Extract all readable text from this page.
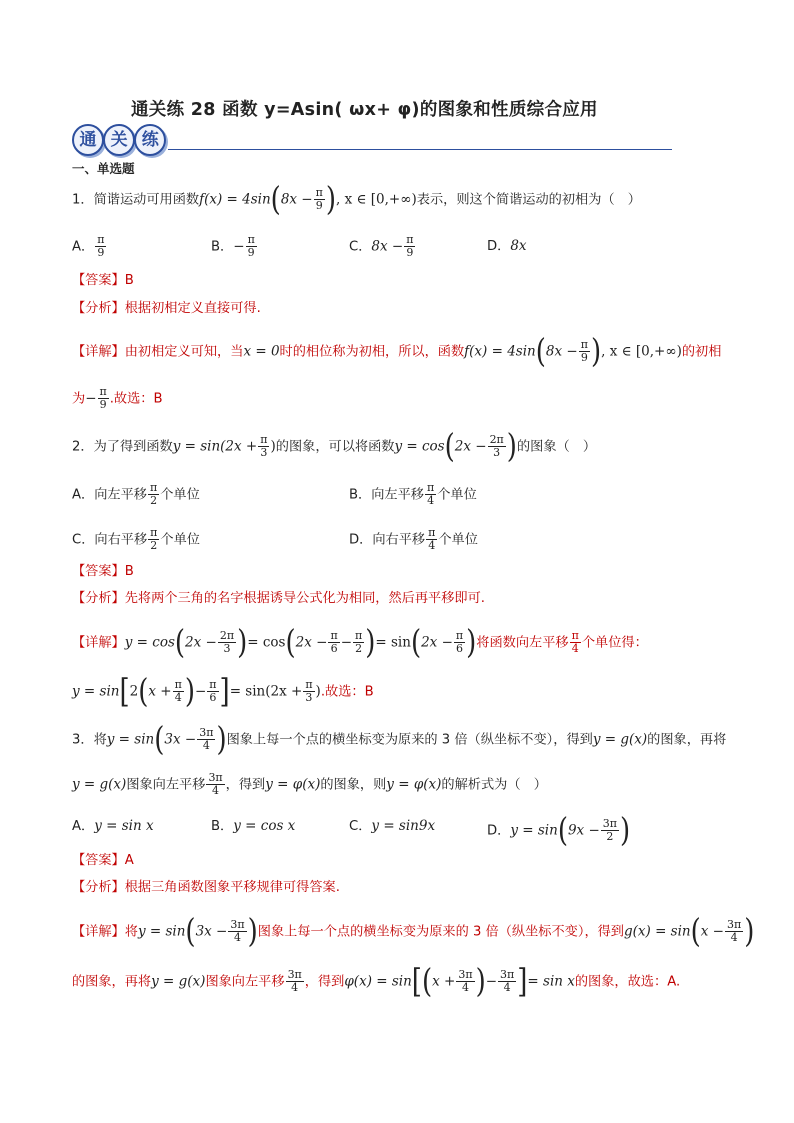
通关练 28 函数 y=Asin( ωx+ φ)的图象和性质综合应用
通 关 练
一、单选题
1．简谐运动可用函数$f(x) = 4\sin(8x - \frac{\pi}{9}$ ), x ∈ [0,+∞)表示，则这个简谐运动的初相为（　）
A． $\frac{\pi}{9}$	B．− $\frac{\pi}{9}$	C．$8x - \frac{\pi}{9}$	D．8x
【答案】B
【分析】根据初相定义直接可得.
【详解】由初相定义可知，当x = 0时的相位称为初相，所以，函数$f(x) = 4\sin(8x - \frac{\pi}{9}$ ), x ∈ [0,+∞)的初相
为− $\frac{\pi}{9}$ .故选：B
2．为了得到函数$y = \sin(2x + \frac{\pi}{3}$ )的图象，可以将函数$y = \cos(2x - \frac{2\pi}{3}$ )的图象（　）
A．向左平移 $\frac{\pi}{2}$ 个单位	B．向左平移 $\frac{\pi}{4}$ 个单位
C．向右平移 $\frac{\pi}{2}$ 个单位	D．向右平移 $\frac{\pi}{4}$ 个单位
【答案】B
【分析】先将两个三角的名字根据诱导公式化为相同，然后再平移即可.
【详解】$y = \cos(2x - \frac{2\pi}{3}$ )= $\cos(2x - \frac{\pi}{6} - \frac{\pi}{2}$ )= $\sin(2x - \frac{\pi}{6}$ )将函数向左平移 $\frac{\pi}{4}$ 个单位得：
$y = \sin[2(x + \frac{\pi}{4}$ )− $\frac{\pi}{6}$ ]= $\sin(2x + \frac{\pi}{3}$ ).故选：B
3．将$y = \sin(3x - \frac{3\pi}{4}$ )图象上每一个点的横坐标变为原来的 3 倍（纵坐标不变），得到y = g(x)的图象，再将
y = g(x)图象向左平移 $\frac{3\pi}{4}$ ，得到y = φ(x)的图象，则y = φ(x)的解析式为（　）
A．y = sin x	B．y = cos x	C．y = sin9x	D．$y = \sin(9x - \frac{3\pi}{2}$ )
【答案】A
【分析】根据三角函数图象平移规律可得答案.
【详解】将$y = \sin(3x - \frac{3\pi}{4}$ )图象上每一个点的横坐标变为原来的 3 倍（纵坐标不变），得到$g(x) = \sin(x - \frac{3\pi}{4}$ )
的图象，再将y = g(x)图象向左平移 $\frac{3\pi}{4}$ ，得到$\varphi(x) = \sin[(x + \frac{3\pi}{4}$ )− $\frac{3\pi}{4}$ ]= sin x的图象，故选：A.
